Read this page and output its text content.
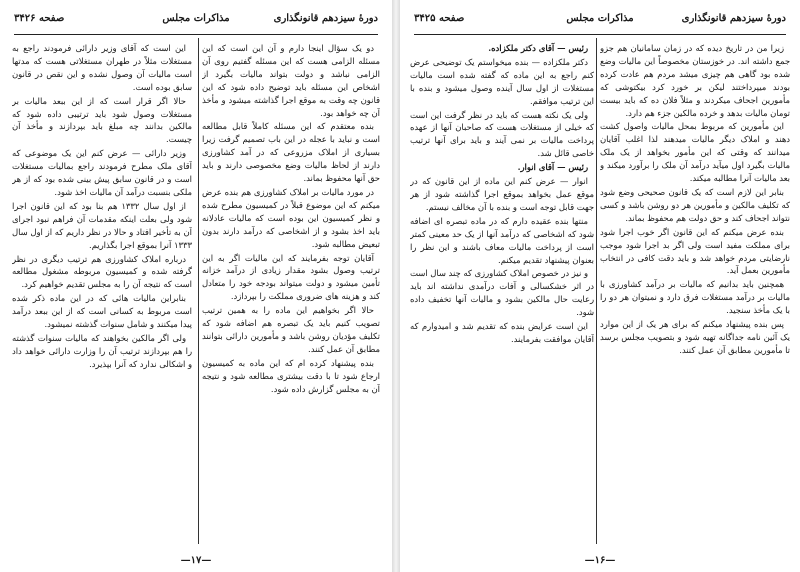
صفحه ۳۴۲۶	مذاکرات مجلس	دورهٔ سیزدهم قانونگذاری

این است که آقای وزیر دارائی فرمودند راجع به مستغلات مثلاً در طهران مستغلاتی هست که مدتها است مالیات آن وصول نشده و این نقص در قانون سابق بوده است.

حالا اگر قرار است که از این ببعد مالیات بر مستغلات وصول شود باید ترتیبی داده شود که مالکین بدانند چه مبلغ باید بپردازند و مأخذ آن چیست.

وزیر دارائی — عرض کنم این یک موضوعی که آقای ملک مطرح فرمودند راجع بمالیات مستغلات است و در قانون سابق پیش بینی شده بود که از هر ملکی بنسبت درآمد آن مالیات اخذ شود.

از اول سال ۱۳۳۲ هم بنا بود که این قانون اجرا شود ولی بعلت اینکه مقدمات آن فراهم نبود اجرای آن به تأخیر افتاد و حالا در نظر داریم که از اول سال ۱۳۳۳ آنرا بموقع اجرا بگذاریم.

درباره املاک کشاورزی هم ترتیب دیگری در نظر گرفته شده و کمیسیون مربوطه مشغول مطالعه است که نتیجه آن را به مجلس تقدیم خواهیم کرد.

بنابراین مالیات هائی که در این ماده ذکر شده است مربوط به کسانی است که از این ببعد درآمد پیدا میکنند و شامل سنوات گذشته نمیشود.

ولی اگر مالکین بخواهند که مالیات سنوات گذشته را هم بپردازند ترتیب آن را وزارت دارائی خواهد داد و اشکالی ندارد که آنرا بپذیرد.

دو یک سؤال اینجا دارم و آن این است که این مسئله الزامی هست که این مسئله گفتیم روی آن الزامی نباشد و دولت بتواند مالیات بگیرد از اشخاص این مسئله باید توضیح داده شود که این قانون چه وقت به موقع اجرا گذاشته میشود و مأخذ آن چه خواهد بود.

بنده معتقدم که این مسئله کاملاً قابل مطالعه است و نباید با عجله در این باب تصمیم گرفت زیرا بسیاری از املاک مزروعی که در آمد کشاورزی دارند از لحاظ مالیات وضع مخصوصی دارند و باید حق آنها محفوظ بماند.

در مورد مالیات بر املاک کشاورزی هم بنده عرض میکنم که این موضوع قبلاً در کمیسیون مطرح شده و نظر کمیسیون این بوده است که مالیات عادلانه باید اخذ بشود و از اشخاصی که درآمد دارند بدون تبعیض مطالبه شود.

آقایان توجه بفرمایند که این مالیات اگر به این ترتیب وصول بشود مقدار زیادی از درآمد خزانه تأمین میشود و دولت میتواند بودجه خود را متعادل کند و هزینه های ضروری مملکت را بپردازد.

حالا اگر بخواهیم این ماده را به همین ترتیب تصویب کنیم باید یک تبصره هم اضافه شود که تکلیف مؤدیان روشن باشد و مأمورین دارائی بتوانند مطابق آن عمل کنند.

بنده پیشنهاد کرده ام که این ماده به کمیسیون ارجاع شود تا با دقت بیشتری مطالعه شود و نتیجه آن به مجلس گزارش داده شود.

—۱۷—
دورهٔ سیزدهم قانونگذاری
مذاکرات مجلس
صفحه ۳۴۲۵

رئیس — آقای دکتر ملکزاده.

دکتر ملکزاده — بنده میخواستم یک توضیحی عرض کنم راجع به این ماده که گفته شده است مالیات مستغلات از اول سال آینده وصول میشود و بنده با این ترتیب موافقم.

ولی یک نکته هست که باید در نظر گرفت این است که خیلی از مستغلات هست که صاحبان آنها از عهده پرداخت مالیات بر نمی آیند و باید برای آنها ترتیب خاصی قائل شد.

رئیس — آقای انوار.

انوار — عرض کنم این ماده از این قانون که در موقع عمل بخواهد بموقع اجرا گذاشته شود از هر جهت قابل توجه است و بنده با آن مخالف نیستم.

منتها بنده عقیده دارم که در ماده تبصره ای اضافه شود که اشخاصی که درآمد آنها از یک حد معینی کمتر است از پرداخت مالیات معاف باشند و این نظر را بعنوان پیشنهاد تقدیم میکنم.

و نیز در خصوص املاک کشاورزی که چند سال است در اثر خشکسالی و آفات درآمدی نداشته اند باید رعایت حال مالکین بشود و مالیات آنها تخفیف داده شود.

این است عرایض بنده که تقدیم شد و امیدوارم که آقایان موافقت بفرمایند.

زیرا من در تاریخ دیده که در زمان سامانیان هم جزو جمع داشته اند. در خوزستان مخصوصاً این مالیات وضع شده بود گاهی هم چیزی میشد مردم هم عادت کرده بودند میپرداختند لیکن بر خورد کرد بیکتوشی که مأمورین اجحاف میکردند و مثلاً فلان ده که باید بیست تومان مالیات بدهد و خرده مالکین جزء هم دارد.

این مأمورین که مربوط بمحل مالیات واصول کشت دهند و املاک دیگر مالیات میدهند لذا اغلب آقایان میدانند که وقتی که این مأمور بخواهد از یک ملک مالیات بگیرد اول میآید درآمد آن ملک را برآورد میکند و بعد مالیات آنرا مطالبه میکند.

بنابر این لازم است که یک قانون صحیحی وضع شود که تکلیف مالکین و مأمورین هر دو روشن باشد و کسی نتواند اجحاف کند و حق دولت هم محفوظ بماند.

بنده عرض میکنم که این قانون اگر خوب اجرا شود برای مملکت مفید است ولی اگر بد اجرا شود موجب نارضایتی مردم خواهد شد و باید دقت کافی در انتخاب مأمورین بعمل آید.

همچنین باید بدانیم که مالیات بر درآمد کشاورزی با مالیات بر درآمد مستغلات فرق دارد و نمیتوان هر دو را با یک مأخذ سنجید.

پس بنده پیشنهاد میکنم که برای هر یک از این موارد یک آئین نامه جداگانه تهیه شود و بتصویب مجلس برسد تا مأمورین مطابق آن عمل کنند.

—۱۶—
